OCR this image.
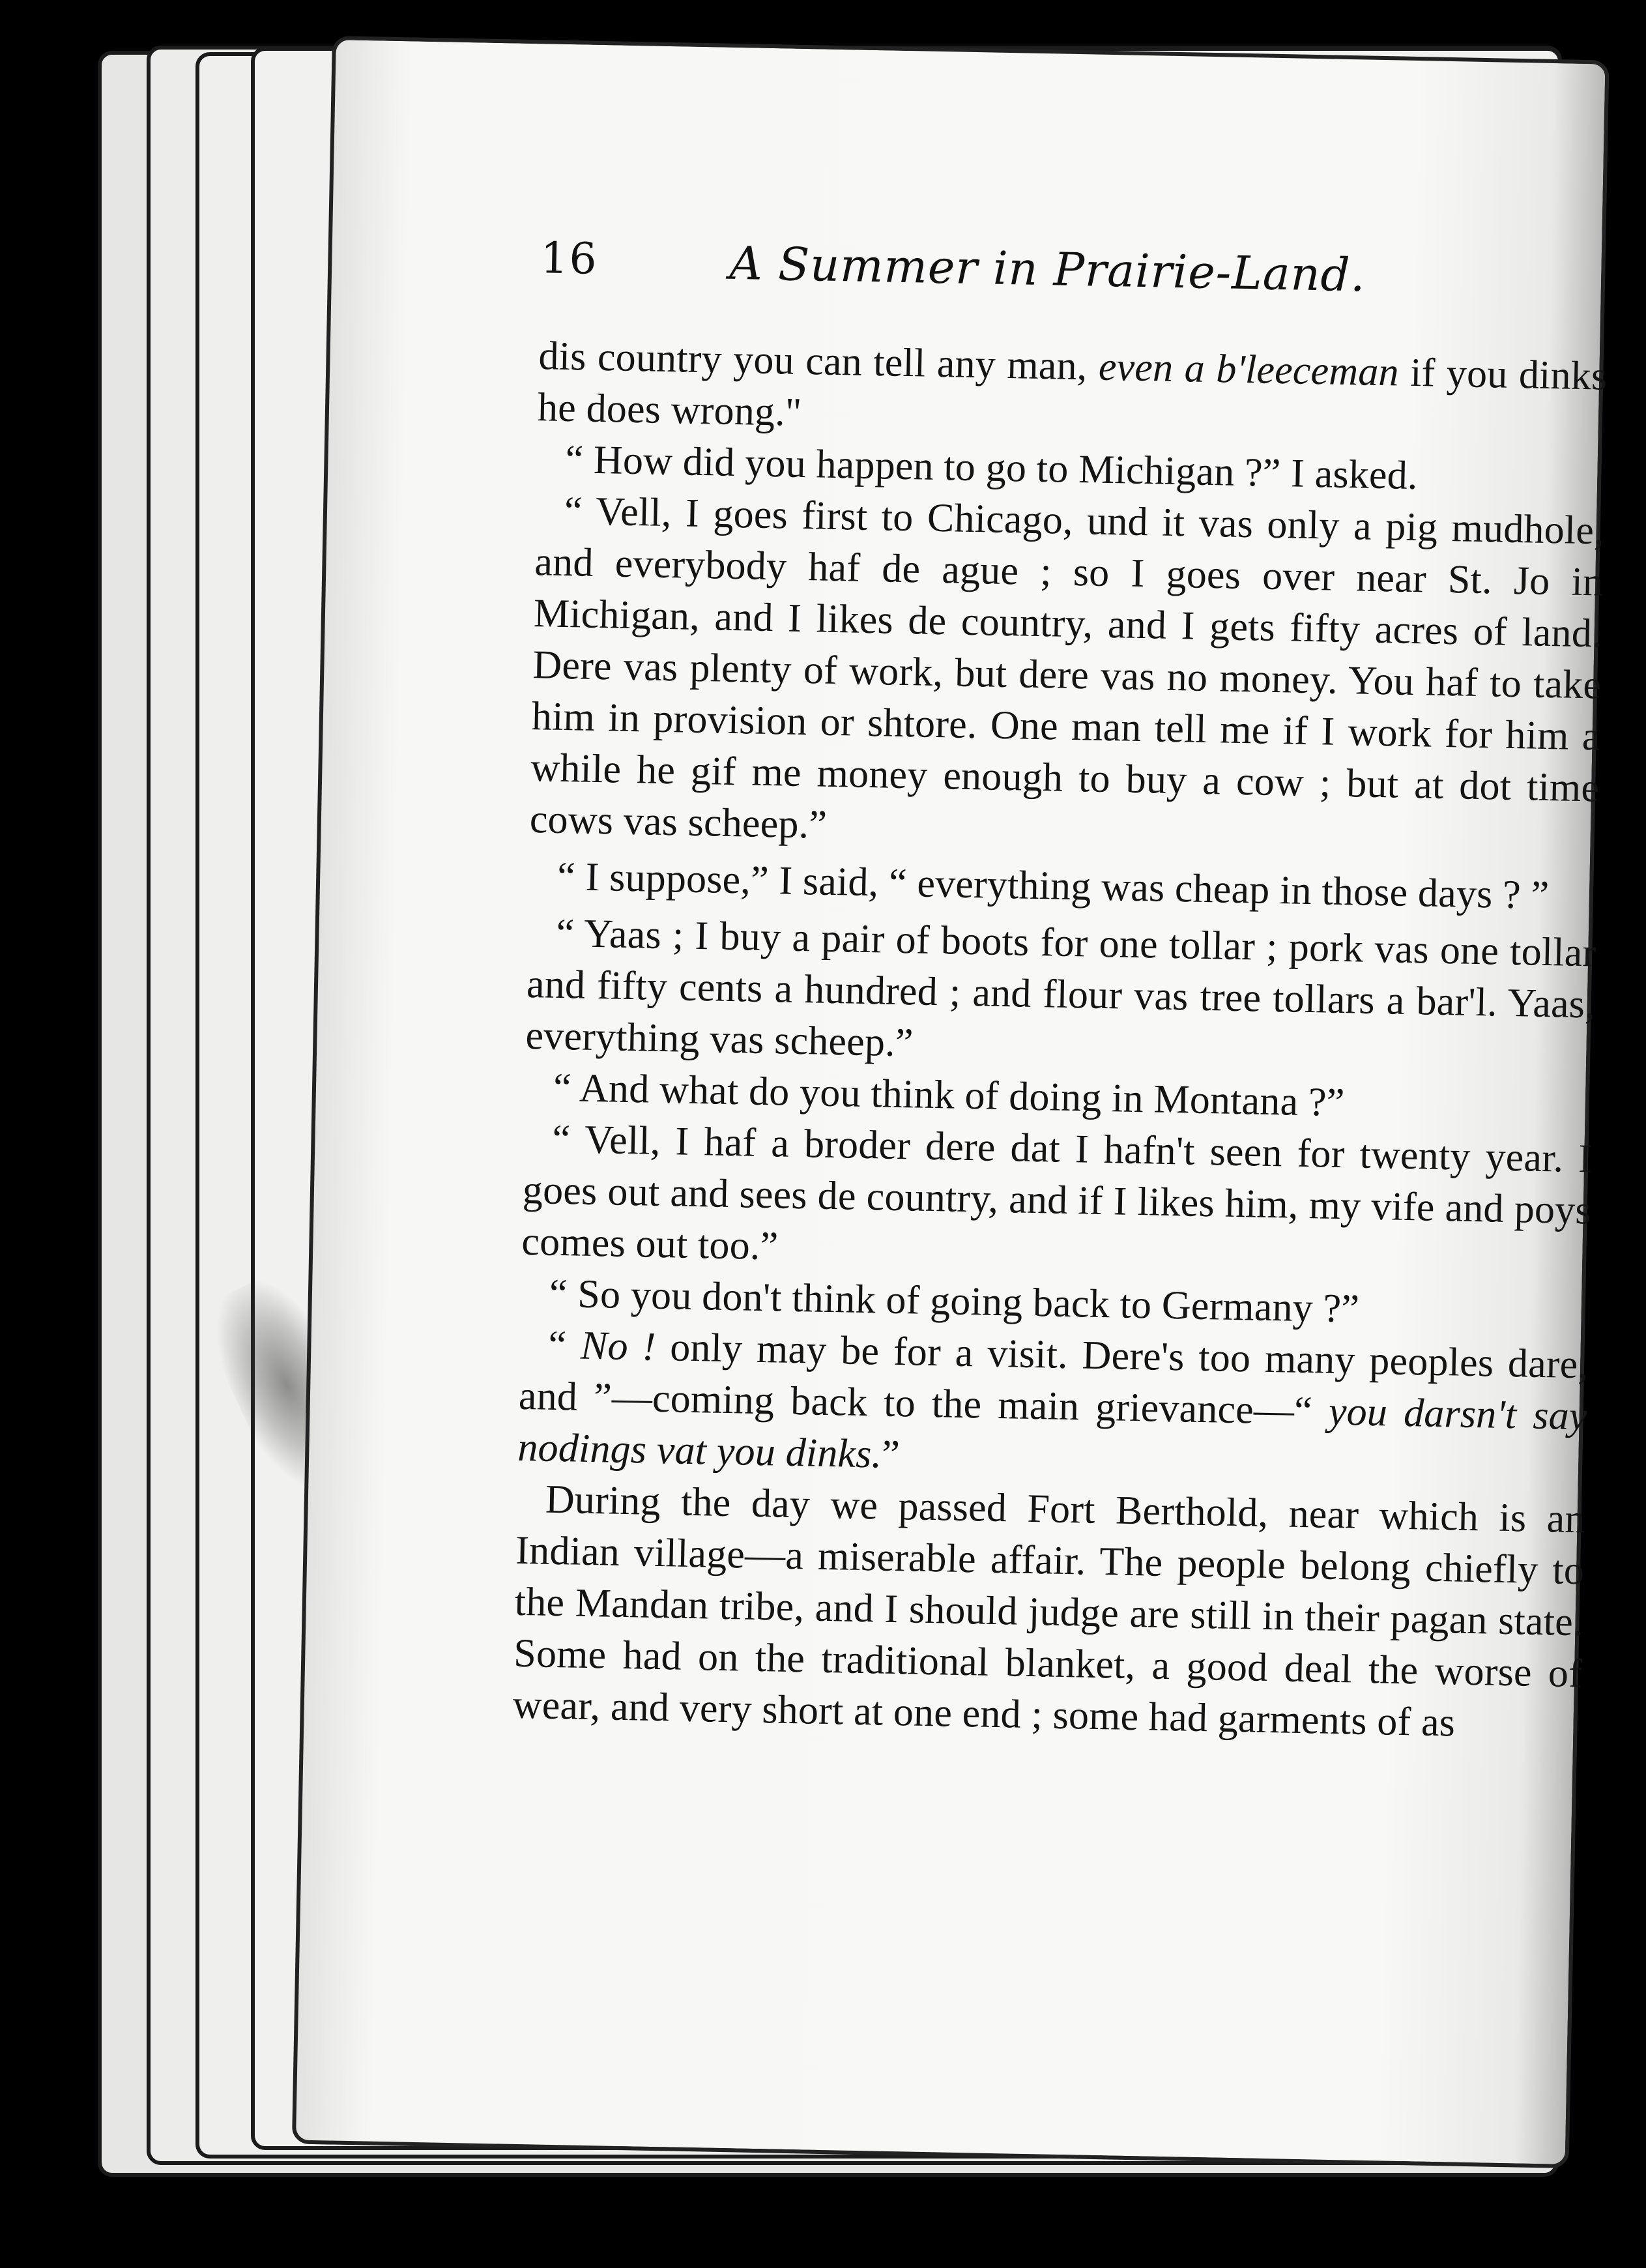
16	A Summer in Prairie-Land.

dis country you can tell any man, even a b'leeceman if you dinks he does wrong."

“ How did you happen to go to Michigan ?” I asked.

“ Vell, I goes first to Chicago, und it vas only a pig mudhole, and everybody haf de ague ; so I goes over near St. Jo in Michigan, and I likes de country, and I gets fifty acres of land. Dere vas plenty of work, but dere vas no money. You haf to take him in provision or shtore. One man tell me if I work for him a while he gif me money enough to buy a cow ; but at dot time cows vas scheep.”

“ I suppose,” I said, “ everything was cheap in those days ? ”

“ Yaas ; I buy a pair of boots for one tollar ; pork vas one tollar and fifty cents a hundred ; and flour vas tree tollars a bar'l. Yaas, everything vas scheep.”

“ And what do you think of doing in Montana ?”

“ Vell, I haf a broder dere dat I hafn't seen for twenty year. I goes out and sees de country, and if I likes him, my vife and poys comes out too.”

“ So you don't think of going back to Germany ?”

“ No ! only may be for a visit. Dere's too many peoples dare, and ”—coming back to the main grievance—“ you darsn't say nodings vat you dinks.”

During the day we passed Fort Berthold, near which is an Indian village—a miserable affair. The people belong chiefly to the Mandan tribe, and I should judge are still in their pagan state. Some had on the traditional blanket, a good deal the worse of wear, and very short at one end ; some had garments of as
